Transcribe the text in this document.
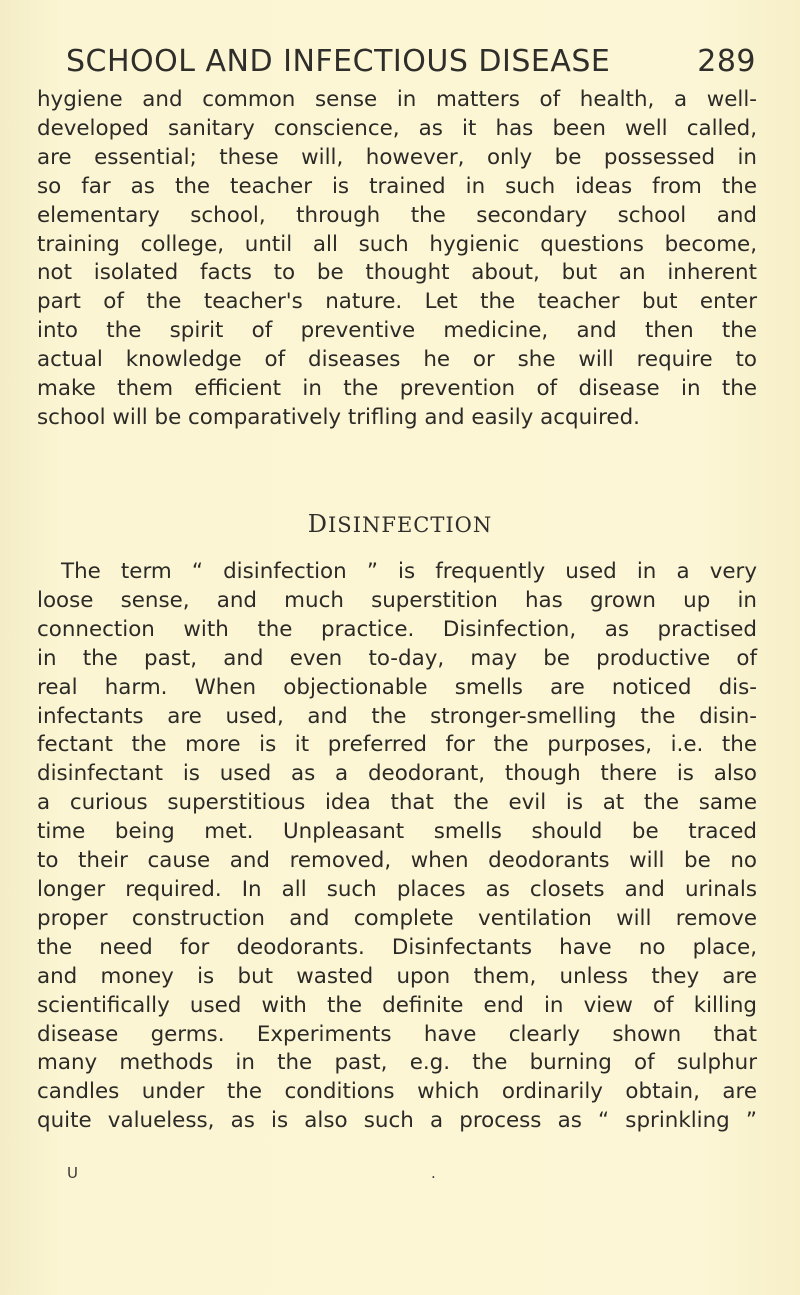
SCHOOL AND INFECTIOUS DISEASE	289
hygiene and common sense in matters of health, a well-
developed sanitary conscience, as it has been well called,
are essential; these will, however, only be possessed in
so far as the teacher is trained in such ideas from the
elementary school, through the secondary school and
training college, until all such hygienic questions become,
not isolated facts to be thought about, but an inherent
part of the teacher's nature. Let the teacher but enter
into the spirit of preventive medicine, and then the
actual knowledge of diseases he or she will require to
make them efficient in the prevention of disease in the
school will be comparatively trifling and easily acquired.
DISINFECTION
The term “ disinfection ” is frequently used in a very
loose sense, and much superstition has grown up in
connection with the practice. Disinfection, as practised
in the past, and even to-day, may be productive of
real harm. When objectionable smells are noticed dis-
infectants are used, and the stronger-smelling the disin-
fectant the more is it preferred for the purposes, i.e. the
disinfectant is used as a deodorant, though there is also
a curious superstitious idea that the evil is at the same
time being met. Unpleasant smells should be traced
to their cause and removed, when deodorants will be no
longer required. In all such places as closets and urinals
proper construction and complete ventilation will remove
the need for deodorants. Disinfectants have no place,
and money is but wasted upon them, unless they are
scientifically used with the definite end in view of killing
disease germs. Experiments have clearly shown that
many methods in the past, e.g. the burning of sulphur
candles under the conditions which ordinarily obtain, are
quite valueless, as is also such a process as “ sprinkling ”
U	.
